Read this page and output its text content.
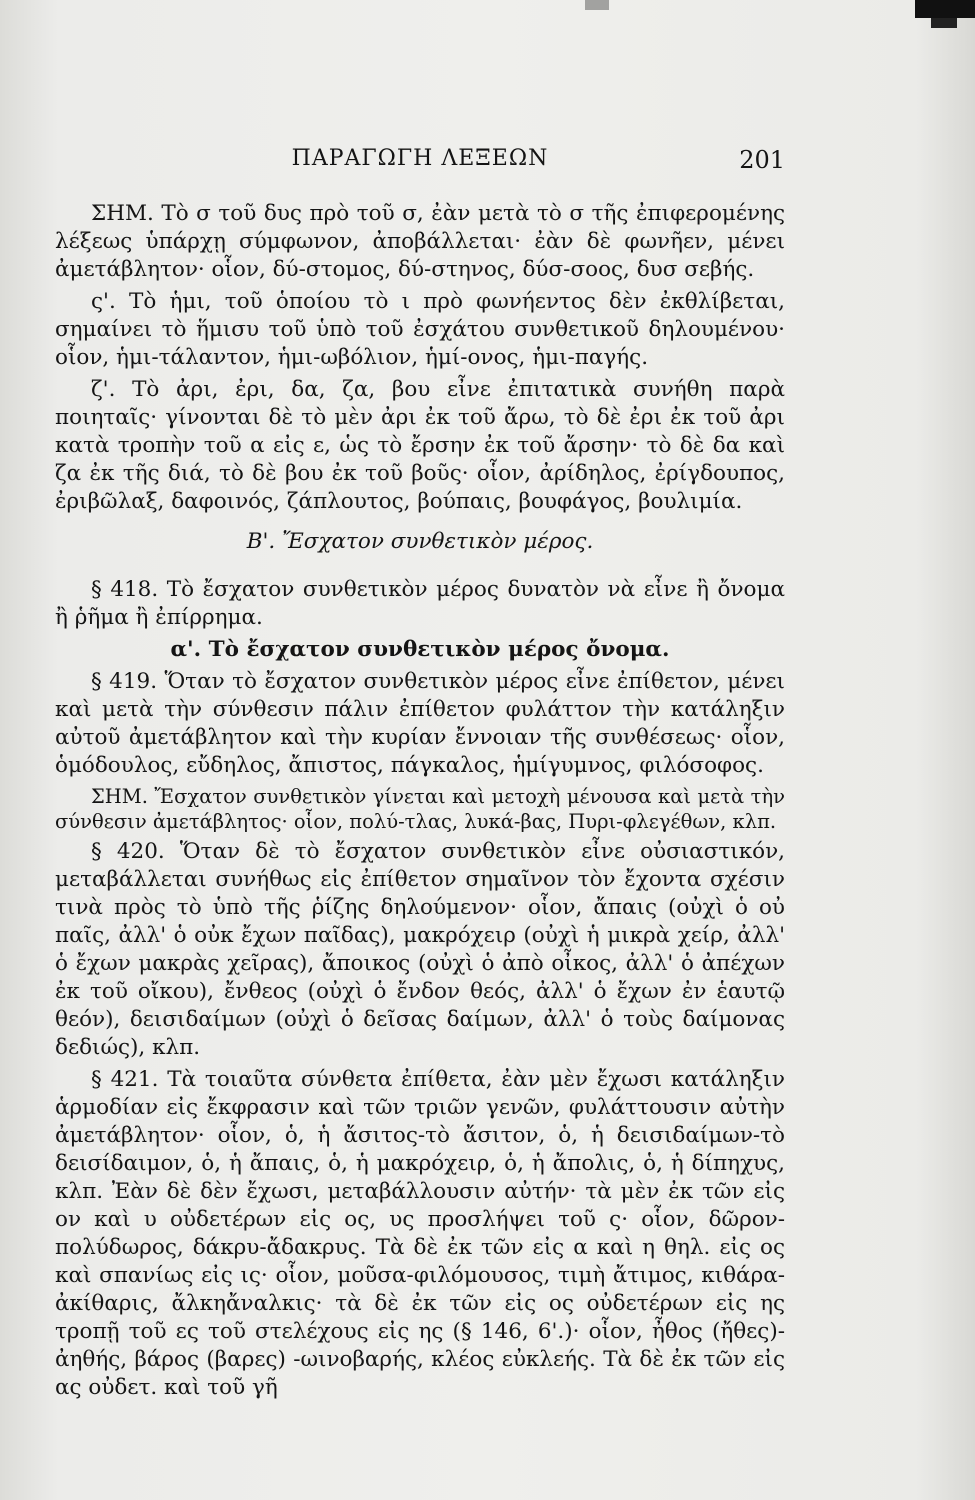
ΠΑΡΑΓΩΓΗ ΛΕΞΕΩΝ	201

ΣΗΜ. Τὸ σ τοῦ δυς πρὸ τοῦ σ, ἐὰν μετὰ τὸ σ τῆς ἐπιφερομένης λέξεως ὑπάρχῃ σύμφωνον, ἀποβάλλεται· ἐὰν δὲ φωνῆεν, μένει ἀμετάβλητον· οἷον, δύ-στομος, δύ-στηνος, δύσ-σοος, δυσ σεβής.

ς'. Τὸ ἡμι, τοῦ ὁποίου τὸ ι πρὸ φωνήεντος δὲν ἐκθλίβεται, σημαίνει τὸ ἥμισυ τοῦ ὑπὸ τοῦ ἐσχάτου συνθετικοῦ δηλουμένου· οἷον, ἡμι-τάλαντον, ἡμι-ωβόλιον, ἡμί-ονος, ἡμι-παγής.

ζ'. Τὸ ἀρι, ἐρι, δα, ζα, βου εἶνε ἐπιτατικὰ συνήθη παρὰ ποιηταῖς· γίνονται δὲ τὸ μὲν ἀρι ἐκ τοῦ ἄρω, τὸ δὲ ἐρι ἐκ τοῦ ἀρι κατὰ τροπὴν τοῦ α εἰς ε, ὡς τὸ ἔρσην ἐκ τοῦ ἄρσην· τὸ δὲ δα καὶ ζα ἐκ τῆς διά, τὸ δὲ βου ἐκ τοῦ βοῦς· οἷον, ἀρίδηλος, ἐρίγδουπος, ἐριβῶλαξ, δαφοινός, ζάπλουτος, βούπαις, βουφάγος, βουλιμία.

Β'. Ἔσχατον συνθετικὸν μέρος.

§ 418. Τὸ ἔσχατον συνθετικὸν μέρος δυνατὸν νὰ εἶνε ἢ ὄνομα ἢ ῥῆμα ἢ ἐπίρρημα.

α'. Τὸ ἔσχατον συνθετικὸν μέρος ὄνομα.

§ 419. Ὅταν τὸ ἔσχατον συνθετικὸν μέρος εἶνε ἐπίθετον, μένει καὶ μετὰ τὴν σύνθεσιν πάλιν ἐπίθετον φυλάττον τὴν κατάληξιν αὐτοῦ ἀμετάβλητον καὶ τὴν κυρίαν ἔννοιαν τῆς συνθέσεως· οἷον, ὁμόδουλος, εὔδηλος, ἄπιστος, πάγκαλος, ἡμίγυμνος, φιλόσοφος.

ΣΗΜ. Ἔσχατον συνθετικὸν γίνεται καὶ μετοχὴ μένουσα καὶ μετὰ τὴν σύνθεσιν ἀμετάβλητος· οἷον, πολύ-τλας, λυκά-βας, Πυρι-φλεγέθων, κλπ.

§ 420. Ὅταν δὲ τὸ ἔσχατον συνθετικὸν εἶνε οὐσιαστικόν, μεταβάλλεται συνήθως εἰς ἐπίθετον σημαῖνον τὸν ἔχοντα σχέσιν τινὰ πρὸς τὸ ὑπὸ τῆς ῥίζης δηλούμενον· οἷον, ἄπαις (οὐχὶ ὁ οὐ παῖς, ἀλλ' ὁ οὐκ ἔχων παῖδας), μακρόχειρ (οὐχὶ ἡ μικρὰ χείρ, ἀλλ' ὁ ἔχων μακρὰς χεῖρας), ἄποικος (οὐχὶ ὁ ἀπὸ οἶκος, ἀλλ' ὁ ἀπέχων ἐκ τοῦ οἴκου), ἔνθεος (οὐχὶ ὁ ἔνδον θεός, ἀλλ' ὁ ἔχων ἐν ἑαυτῷ θεόν), δεισιδαίμων (οὐχὶ ὁ δεῖσας δαίμων, ἀλλ' ὁ τοὺς δαίμονας δεδιώς), κλπ.

§ 421. Τὰ τοιαῦτα σύνθετα ἐπίθετα, ἐὰν μὲν ἔχωσι κατάληξιν ἁρμοδίαν εἰς ἔκφρασιν καὶ τῶν τριῶν γενῶν, φυλάττουσιν αὐτὴν ἀμετάβλητον· οἷον, ὁ, ἡ ἄσιτος-τὸ ἄσιτον, ὁ, ἡ δεισιδαίμων-τὸ δεισίδαιμον, ὁ, ἡ ἄπαις, ὁ, ἡ μακρόχειρ, ὁ, ἡ ἄπολις, ὁ, ἡ δίπηχυς, κλπ. Ἐὰν δὲ δὲν ἔχωσι, μεταβάλλουσιν αὐτήν· τὰ μὲν ἐκ τῶν εἰς ον καὶ υ οὐδετέρων εἰς ος, υς προσλήψει τοῦ ς· οἷον, δῶρον-πολύδωρος, δάκρυ-ἄδακρυς. Τὰ δὲ ἐκ τῶν εἰς α καὶ η θηλ. εἰς ος καὶ σπανίως εἰς ις· οἷον, μοῦσα-φιλόμουσος, τιμὴ ἄτιμος, κιθάρα-ἀκίθαρις, ἄλκηἄναλκις· τὰ δὲ ἐκ τῶν εἰς ος οὐδετέρων εἰς ης τροπῇ τοῦ ες τοῦ στελέχους εἰς ης (§ 146, 6'.)· οἷον, ἦθος (ἤθες)-ἀηθής, βάρος (βαρες) -ωινοβαρής, κλέος εὐκλεής. Τὰ δὲ ἐκ τῶν εἰς ας οὐδετ. καὶ τοῦ γῆ
